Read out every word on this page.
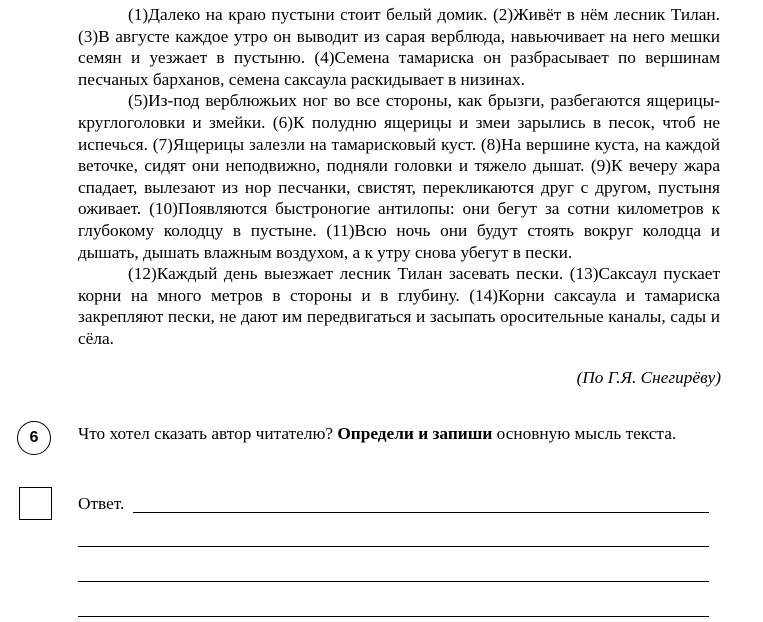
(1)Далеко на краю пустыни стоит белый домик. (2)Живёт в нём лесник Тилан. (3)В августе каждое утро он выводит из сарая верблюда, навьючивает на него мешки семян и уезжает в пустыню. (4)Семена тамариска он разбрасывает по вершинам песчаных барханов, семена саксаула раскидывает в низинах.

(5)Из-под верблюжьих ног во все стороны, как брызги, разбегаются ящерицы-круглоголовки и змейки. (6)К полудню ящерицы и змеи зарылись в песок, чтоб не испечься. (7)Ящерицы залезли на тамарисковый куст. (8)На вершине куста, на каждой веточке, сидят они неподвижно, подняли головки и тяжело дышат. (9)К вечеру жара спадает, вылезают из нор песчанки, свистят, перекликаются друг с другом, пустыня оживает. (10)Появляются быстроногие антилопы: они бегут за сотни километров к глубокому колодцу в пустыне. (11)Всю ночь они будут стоять вокруг колодца и дышать, дышать влажным воздухом, а к утру снова убегут в пески.

(12)Каждый день выезжает лесник Тилан засевать пески. (13)Саксаул пускает корни на много метров в стороны и в глубину. (14)Корни саксаула и тамариска закрепляют пески, не дают им передвигаться и засыпать оросительные каналы, сады и сёла.

(По Г.Я. Снегирёву)
6 Что хотел сказать автор читателю? Определи и запиши основную мысль текста.
Ответ.
